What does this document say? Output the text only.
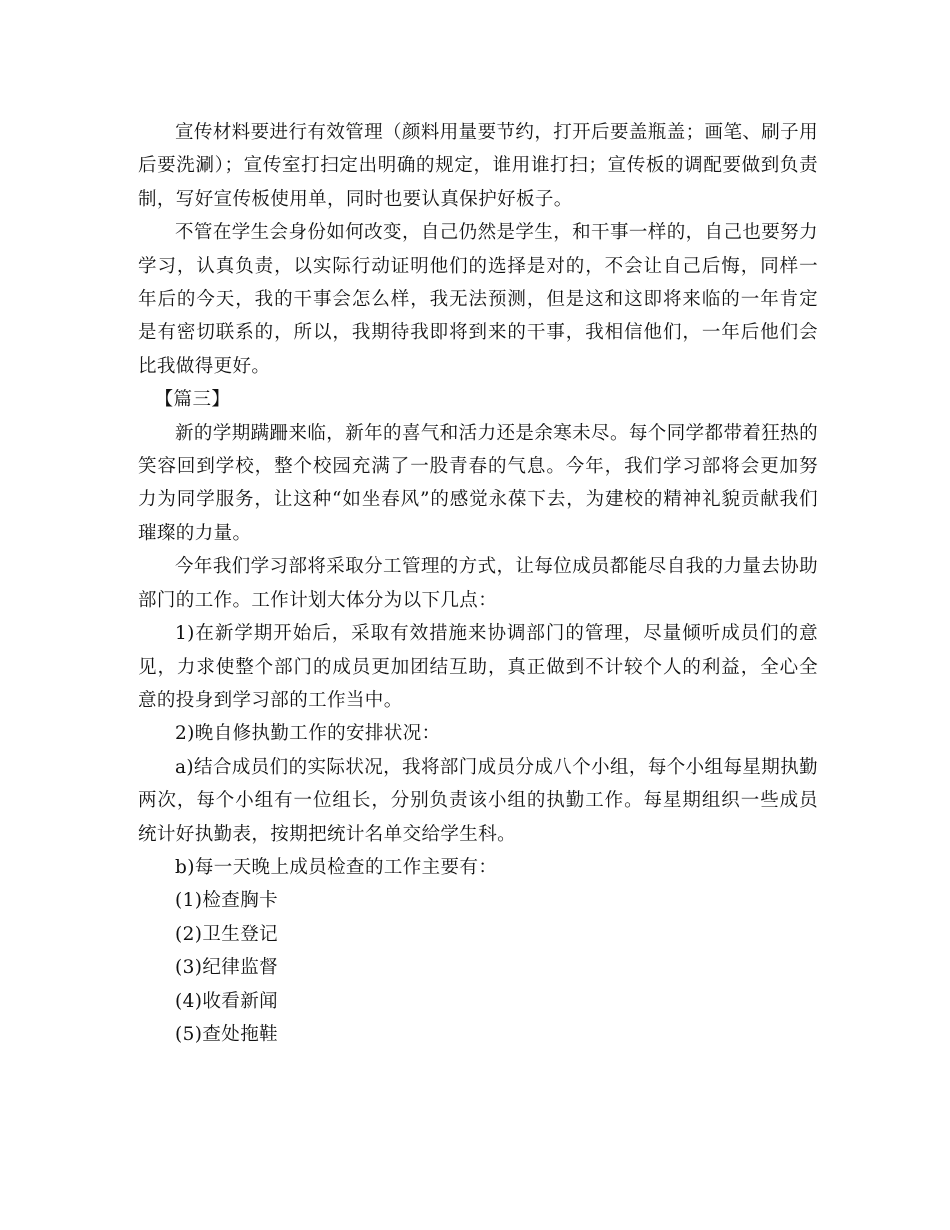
宣传材料要进行有效管理（颜料用量要节约，打开后要盖瓶盖；画笔、刷子用后要洗涮）；宣传室打扫定出明确的规定，谁用谁打扫；宣传板的调配要做到负责制，写好宣传板使用单，同时也要认真保护好板子。

不管在学生会身份如何改变，自己仍然是学生，和干事一样的，自己也要努力学习，认真负责，以实际行动证明他们的选择是对的，不会让自己后悔，同样一年后的今天，我的干事会怎么样，我无法预测，但是这和这即将来临的一年肯定是有密切联系的，所以，我期待我即将到来的干事，我相信他们，一年后他们会比我做得更好。

【篇三】

新的学期蹒跚来临，新年的喜气和活力还是余寒未尽。每个同学都带着狂热的笑容回到学校，整个校园充满了一股青春的气息。今年，我们学习部将会更加努力为同学服务，让这种“如坐春风”的感觉永葆下去，为建校的精神礼貌贡献我们璀璨的力量。

今年我们学习部将采取分工管理的方式，让每位成员都能尽自我的力量去协助部门的工作。工作计划大体分为以下几点：

1)在新学期开始后，采取有效措施来协调部门的管理，尽量倾听成员们的意见，力求使整个部门的成员更加团结互助，真正做到不计较个人的利益，全心全意的投身到学习部的工作当中。

2)晚自修执勤工作的安排状况：

a)结合成员们的实际状况，我将部门成员分成八个小组，每个小组每星期执勤两次，每个小组有一位组长，分别负责该小组的执勤工作。每星期组织一些成员统计好执勤表，按期把统计名单交给学生科。

b)每一天晚上成员检查的工作主要有：

(1)检查胸卡

(2)卫生登记

(3)纪律监督

(4)收看新闻

(5)查处拖鞋
